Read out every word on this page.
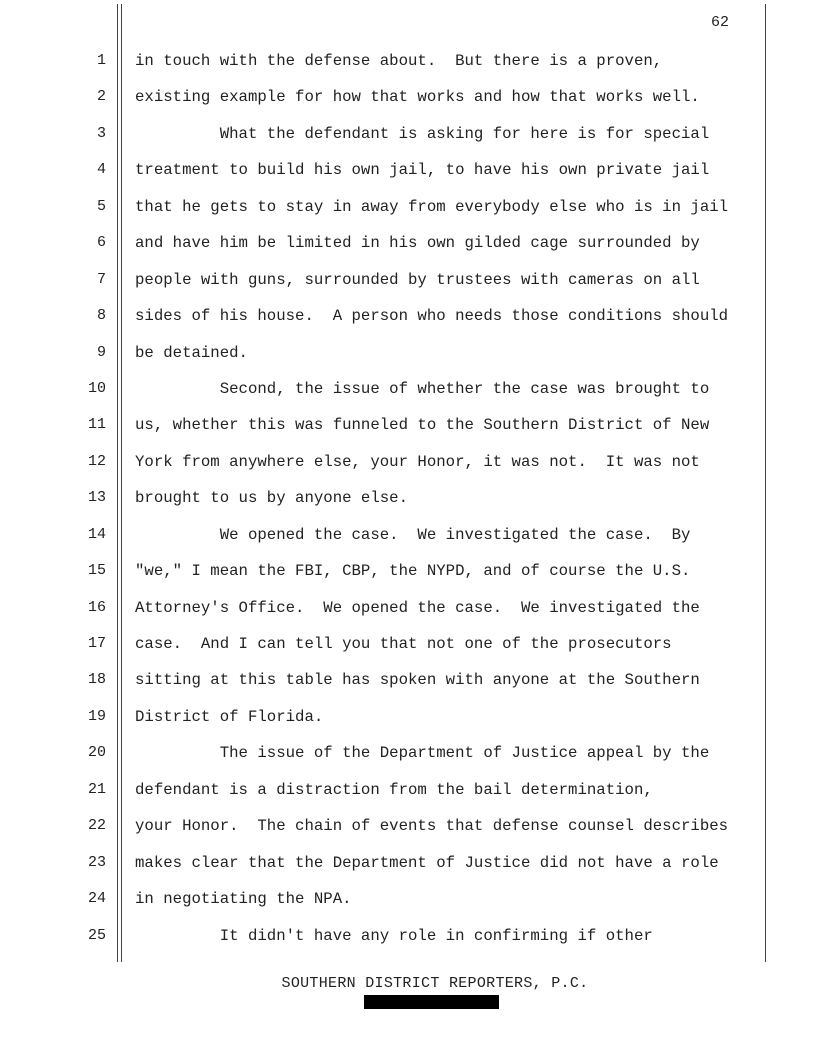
62
1 in touch with the defense about.  But there is a proven,
2 existing example for how that works and how that works well.
3 What the defendant is asking for here is for special
4 treatment to build his own jail, to have his own private jail
5 that he gets to stay in away from everybody else who is in jail
6 and have him be limited in his own gilded cage surrounded by
7 people with guns, surrounded by trustees with cameras on all
8 sides of his house.  A person who needs those conditions should
9 be detained.
10 Second, the issue of whether the case was brought to
11 us, whether this was funneled to the Southern District of New
12 York from anywhere else, your Honor, it was not.  It was not
13 brought to us by anyone else.
14 We opened the case.  We investigated the case.  By
15 "we," I mean the FBI, CBP, the NYPD, and of course the U.S.
16 Attorney's Office.  We opened the case.  We investigated the
17 case.  And I can tell you that not one of the prosecutors
18 sitting at this table has spoken with anyone at the Southern
19 District of Florida.
20 The issue of the Department of Justice appeal by the
21 defendant is a distraction from the bail determination,
22 your Honor.  The chain of events that defense counsel describes
23 makes clear that the Department of Justice did not have a role
24 in negotiating the NPA.
25 It didn't have any role in confirming if other
SOUTHERN DISTRICT REPORTERS, P.C.
